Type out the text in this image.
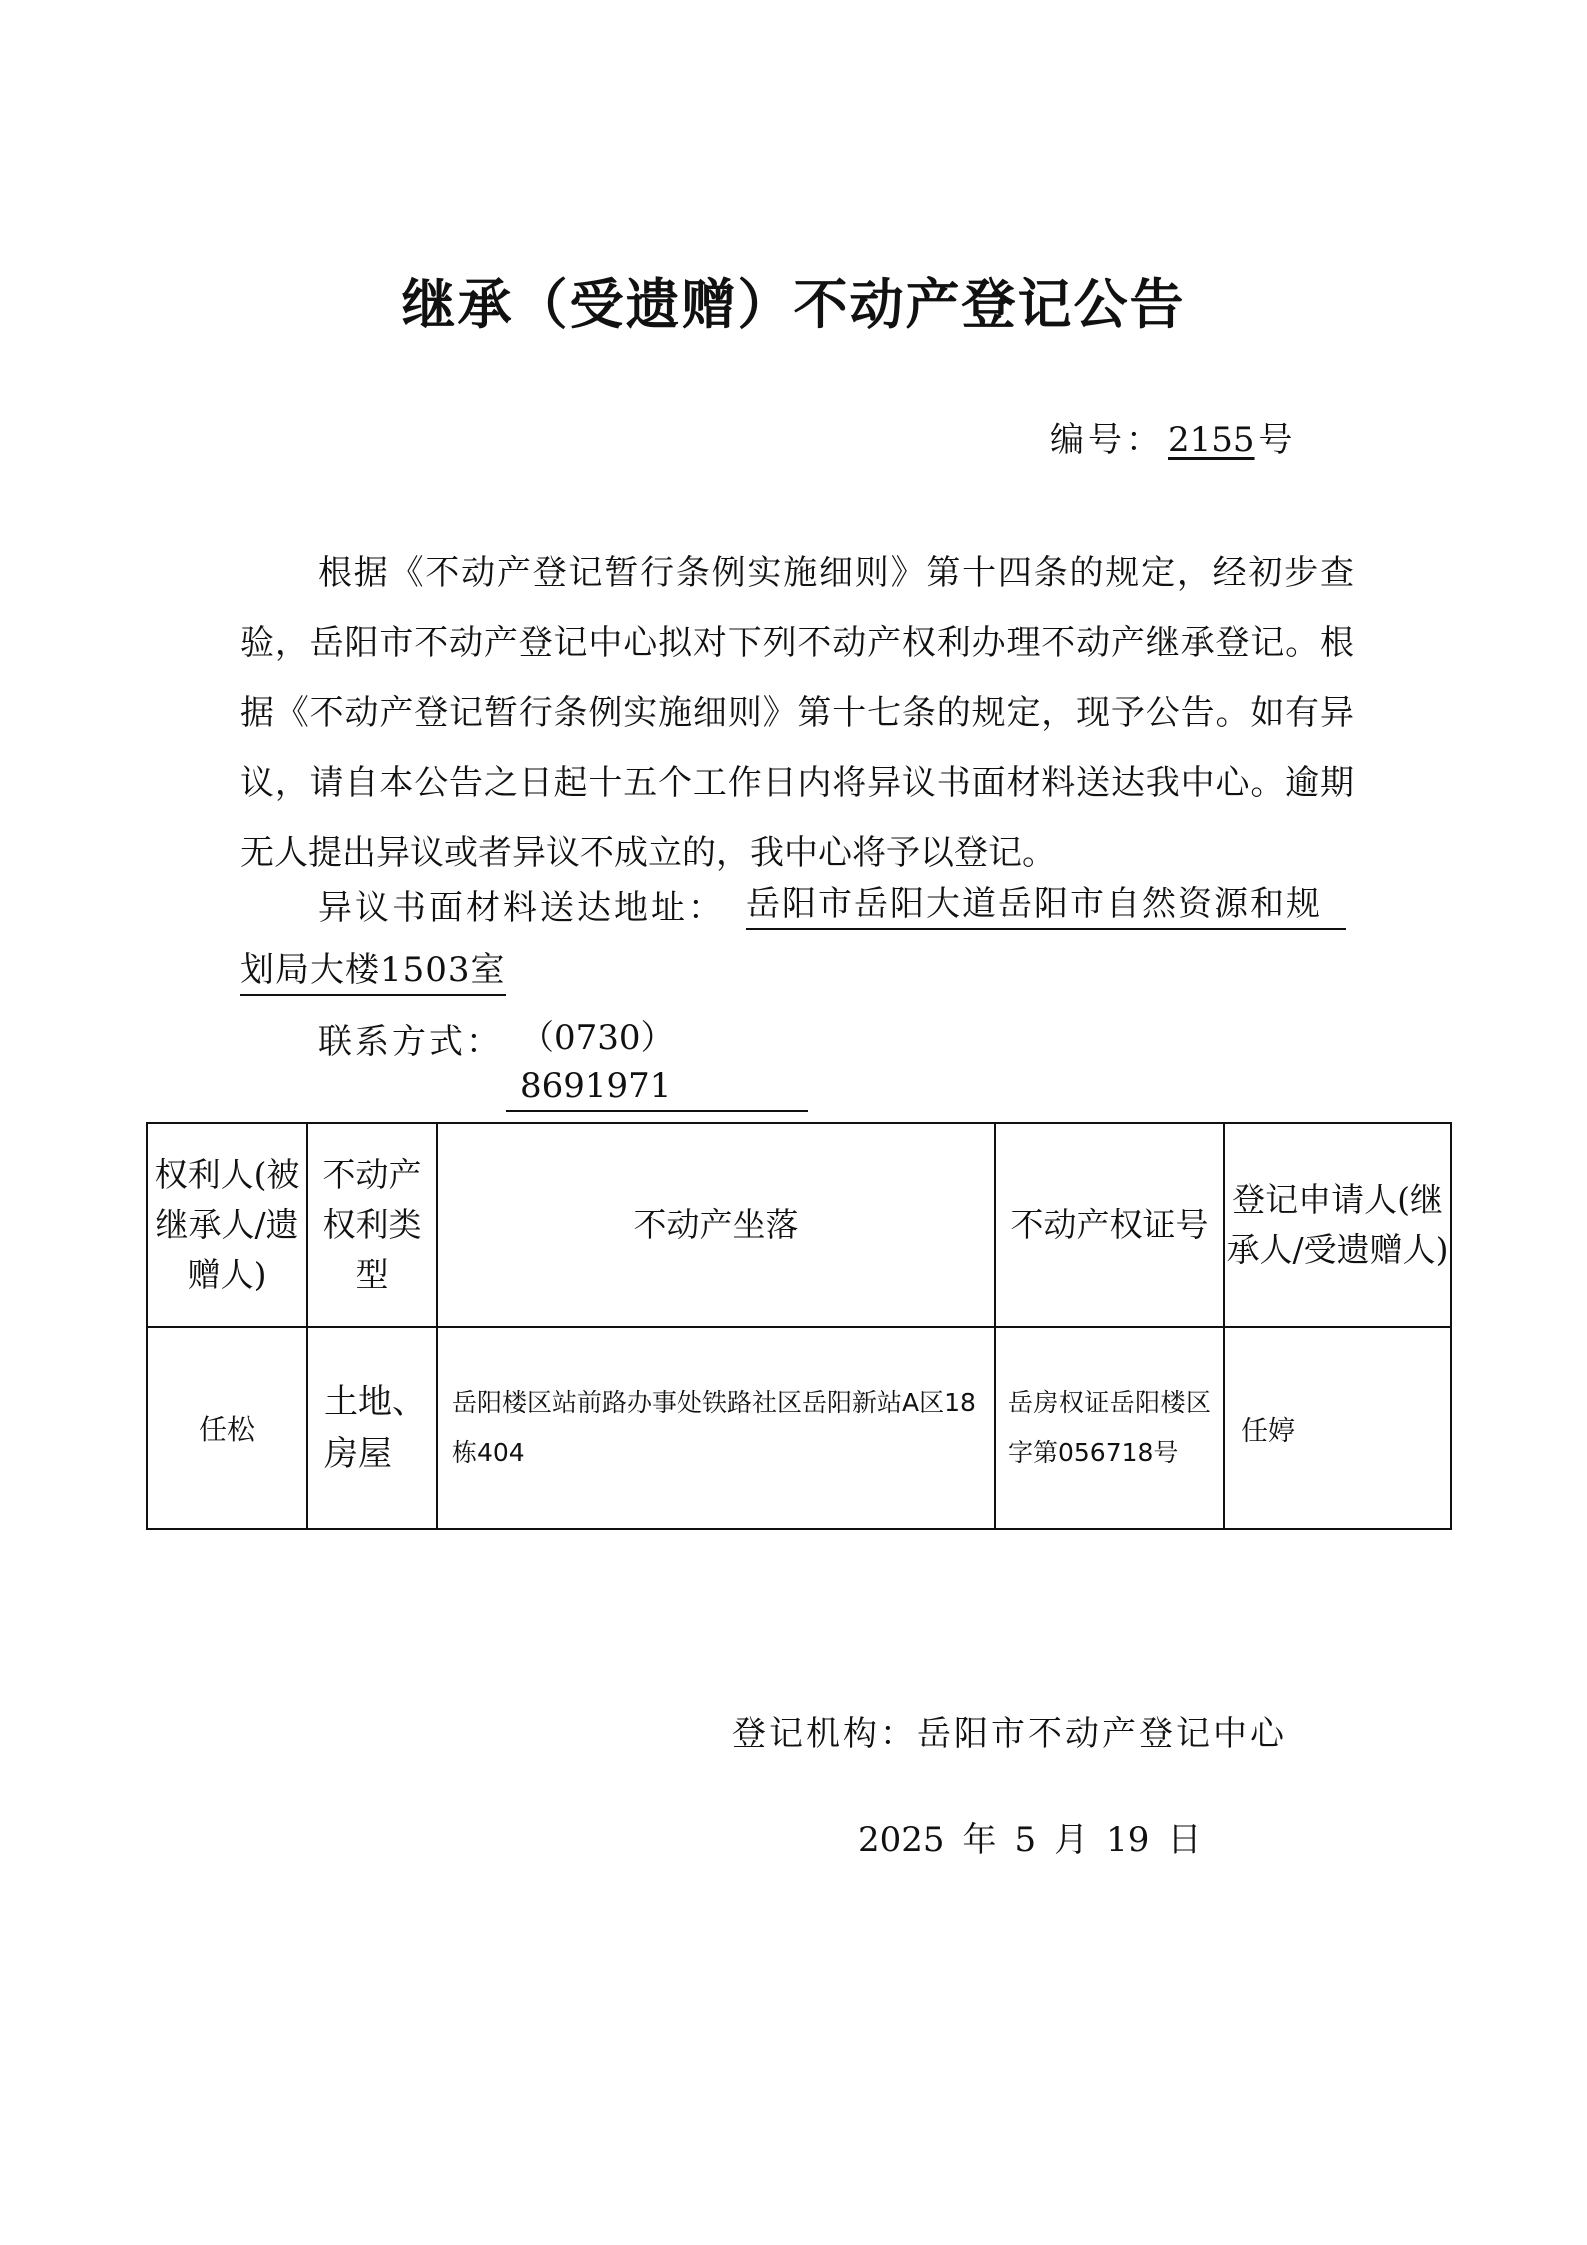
继承（受遗赠）不动产登记公告
编号： 2155 号
根据《不动产登记暂行条例实施细则》第十四条的规定，经初步查验，岳阳市不动产登记中心拟对下列不动产权利办理不动产继承登记。根据《不动产登记暂行条例实施细则》第十七条的规定，现予公告。如有异议，请自本公告之日起十五个工作日内将异议书面材料送达我中心。逾期无人提出异议或者异议不成立的，我中心将予以登记。
异议书面材料送达地址： 岳阳市岳阳大道岳阳市自然资源和规
划局大楼1503室
联系方式： （0730）8691971
权利人(被继承人/遗赠人)	不动产权利类型	不动产坐落	不动产权证号	登记申请人(继承人/受遗赠人)
任松	土地、房屋	岳阳楼区站前路办事处铁路社区岳阳新站A区18栋404	岳房权证岳阳楼区字第056718号	任婷
登记机构：岳阳市不动产登记中心
2025 年 5 月 19 日
